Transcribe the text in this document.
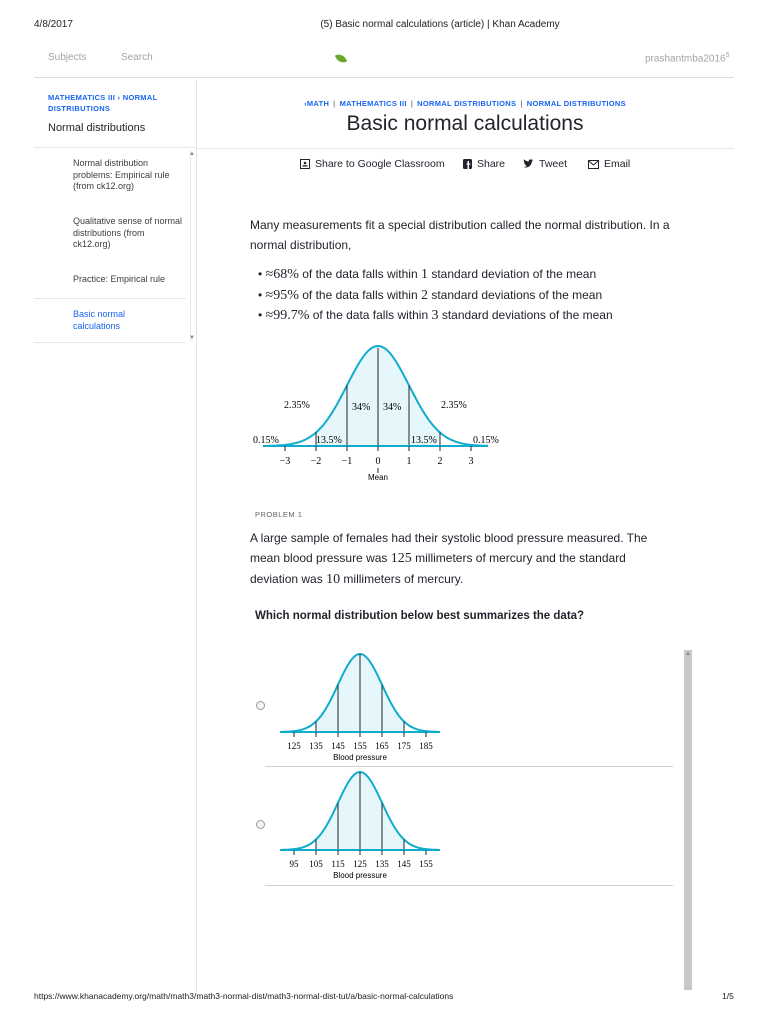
4/8/2017	(5) Basic normal calculations (article) | Khan Academy
Subjects	Search	prashantmba2016$^5$
MATHEMATICS III › NORMAL DISTRIBUTIONS
Normal distributions
▲
▼
Normal distribution problems: Empirical rule (from ck12.org)
Qualitative sense of normal distributions (from ck12.org)
Practice: Empirical rule
Basic normal calculations
‹MATH | MATHEMATICS III | NORMAL DISTRIBUTIONS | NORMAL DISTRIBUTIONS
Basic normal calculations
Share to Google Classroom	Share	Tweet	Email
Many measurements fit a special distribution called the normal distribution. In a normal distribution,
• ≈68% of the data falls within 1 standard deviation of the mean
• ≈95% of the data falls within 2 standard deviations of the mean
• ≈99.7% of the data falls within 3 standard deviations of the mean
−3 −2 −1 0	1	2	3
0.15%
2.35%
13.5%
34% 34%
13.5%
2.35%
0.15%
Mean
PROBLEM 1
A large sample of females had their systolic blood pressure measured. The mean blood pressure was 125 millimeters of mercury and the standard deviation was 10 millimeters of mercury.
Which normal distribution below best summarizes the data?
▲
125 135 145 155 165 175 185
Blood pressure
95 105 115 125 135 145 155
Blood pressure
https://www.khanacademy.org/math/math3/math3-normal-dist/math3-normal-dist-tut/a/basic-normal-calculations	1/5
